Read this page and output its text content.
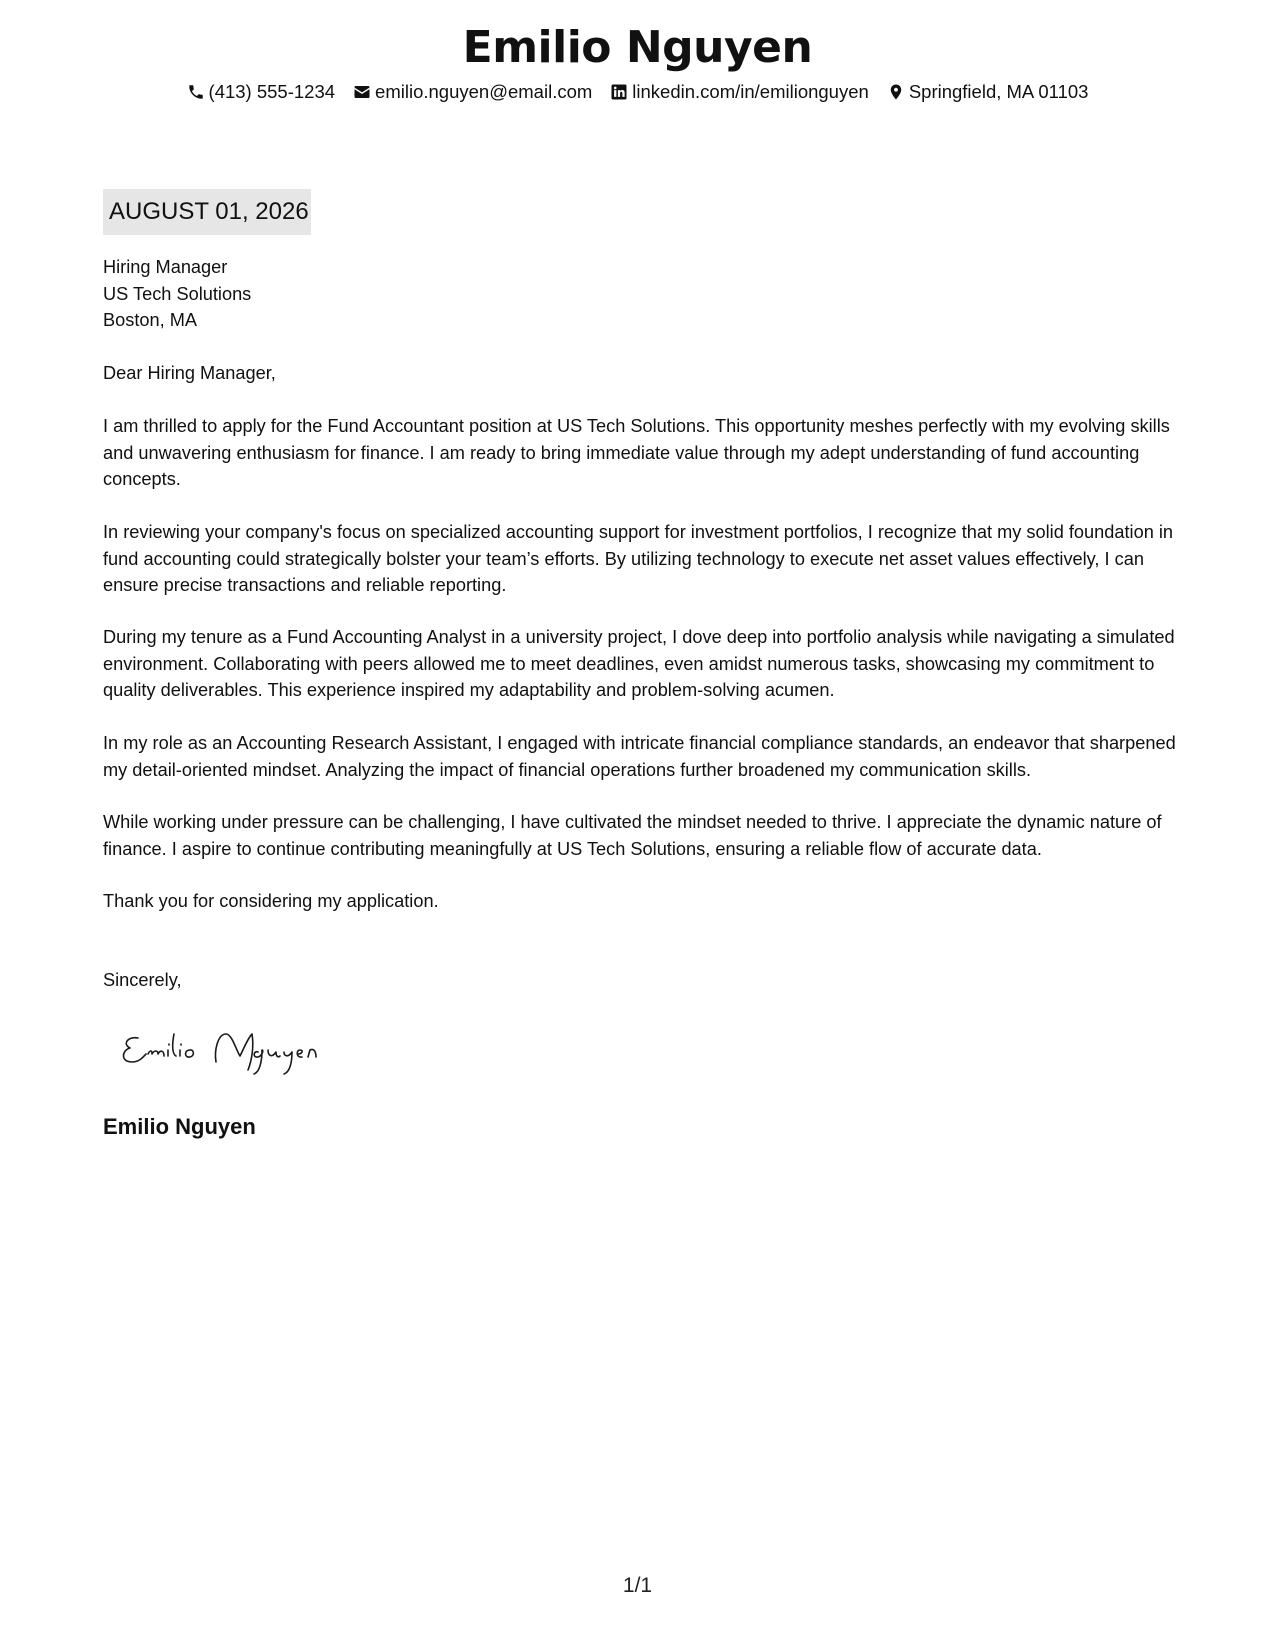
Emilio Nguyen
(413) 555-1234 emilio.nguyen@email.com linkedin.com/in/emilionguyen Springfield, MA 01103
AUGUST 01, 2026
Hiring Manager
US Tech Solutions
Boston, MA
Dear Hiring Manager,

I am thrilled to apply for the Fund Accountant position at US Tech Solutions. This opportunity meshes perfectly with my evolving skills and unwavering enthusiasm for finance. I am ready to bring immediate value through my adept understanding of fund accounting concepts.

In reviewing your company's focus on specialized accounting support for investment portfolios, I recognize that my solid foundation in fund accounting could strategically bolster your team’s efforts. By utilizing technology to execute net asset values effectively, I can ensure precise transactions and reliable reporting.

During my tenure as a Fund Accounting Analyst in a university project, I dove deep into portfolio analysis while navigating a simulated environment. Collaborating with peers allowed me to meet deadlines, even amidst numerous tasks, showcasing my commitment to quality deliverables. This experience inspired my adaptability and problem-solving acumen.

In my role as an Accounting Research Assistant, I engaged with intricate financial compliance standards, an endeavor that sharpened my detail-oriented mindset. Analyzing the impact of financial operations further broadened my communication skills.

While working under pressure can be challenging, I have cultivated the mindset needed to thrive. I appreciate the dynamic nature of finance. I aspire to continue contributing meaningfully at US Tech Solutions, ensuring a reliable flow of accurate data.

Thank you for considering my application.
Sincerely,
Emilio Nguyen
1/1
